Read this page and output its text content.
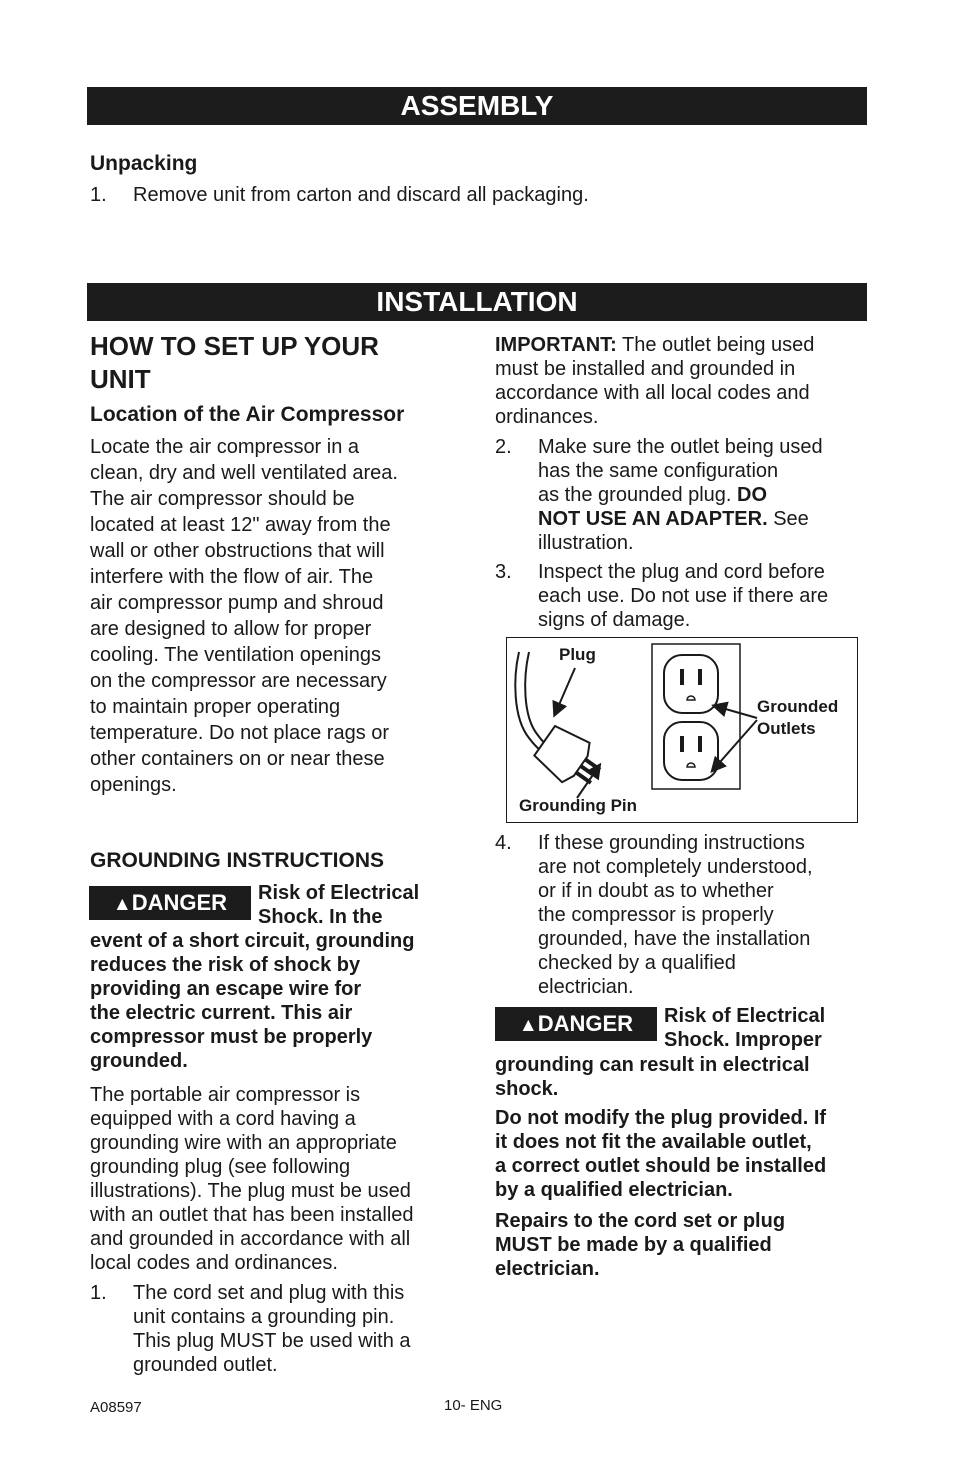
ASSEMBLY
Unpacking
1. Remove unit from carton and discard all packaging.
INSTALLATION
HOW TO SET UP YOUR
UNIT
Location of the Air Compressor
Locate the air compressor in a
clean, dry and well ventilated area.
The air compressor should be
located at least 12" away from the
wall or other obstructions that will
interfere with the flow of air. The
air compressor pump and shroud
are designed to allow for proper
cooling. The ventilation openings
on the compressor are necessary
to maintain proper operating
temperature. Do not place rags or
other containers on or near these
openings.
GROUNDING INSTRUCTIONS
▲DANGER	Risk of Electrical
Shock. In the
event of a short circuit, grounding
reduces the risk of shock by
providing an escape wire for
the electric current. This air
compressor must be properly
grounded.
The portable air compressor is
equipped with a cord having a
grounding wire with an appropriate
grounding plug (see following
illustrations). The plug must be used
with an outlet that has been installed
and grounded in accordance with all
local codes and ordinances.
1. The cord set and plug with this
unit contains a grounding pin.
This plug MUST be used with a
grounded outlet.
IMPORTANT: The outlet being used
must be installed and grounded in
accordance with all local codes and
ordinances.
2. Make sure the outlet being used
has the same configuration
as the grounded plug. DO
NOT USE AN ADAPTER. See
illustration.
3. Inspect the plug and cord before
each use. Do not use if there are
signs of damage.
Plug
Grounded
Outlets
Grounding Pin
4. If these grounding instructions
are not completely understood,
or if in doubt as to whether
the compressor is properly
grounded, have the installation
checked by a qualified
electrician.
▲DANGER	Risk of Electrical
Shock. Improper
grounding can result in electrical
shock.
Do not modify the plug provided. If
it does not fit the available outlet,
a correct outlet should be installed
by a qualified electrician.
Repairs to the cord set or plug
MUST be made by a qualified
electrician.
A08597	10- ENG
